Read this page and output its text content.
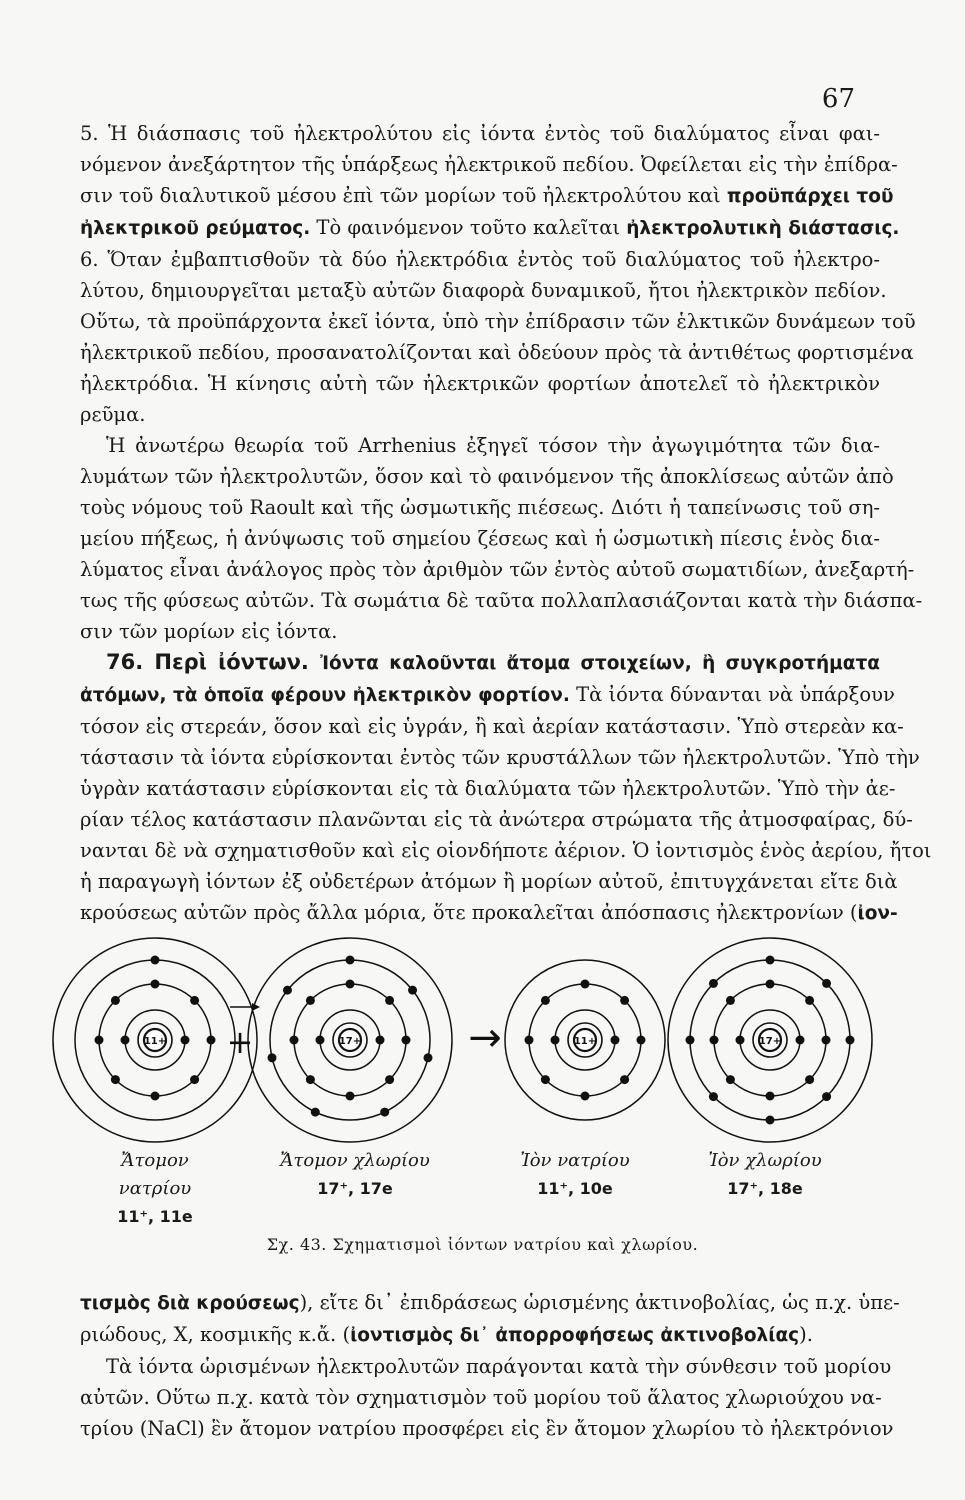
67
5. Ἡ διάσπασις τοῦ ἠλεκτρολύτου εἰς ἰόντα ἐντὸς τοῦ διαλύματος εἶναι φαι-
νόμενον ἀνεξάρτητον τῆς ὑπάρξεως ἠλεκτρικοῦ πεδίου. Ὀφείλεται εἰς τὴν ἐπίδρα-
σιν τοῦ διαλυτικοῦ μέσου ἐπὶ τῶν μορίων τοῦ ἠλεκτρολύτου καὶ προϋπάρχει τοῦ
ἠλεκτρικοῦ ρεύματος. Τὸ φαινόμενον τοῦτο καλεῖται ἠλεκτρολυτικὴ διάστασις.
6. Ὅταν ἐμβαπτισθοῦν τὰ δύο ἠλεκτρόδια ἐντὸς τοῦ διαλύματος τοῦ ἠλεκτρο-
λύτου, δημιουργεῖται μεταξὺ αὐτῶν διαφορὰ δυναμικοῦ, ἤτοι ἠλεκτρικὸν πεδίον.
Οὕτω, τὰ προϋπάρχοντα ἐκεῖ ἰόντα, ὑπὸ τὴν ἐπίδρασιν τῶν ἑλκτικῶν δυνάμεων τοῦ
ἠλεκτρικοῦ πεδίου, προσανατολίζονται καὶ ὁδεύουν πρὸς τὰ ἀντιθέτως φορτισμένα
ἠλεκτρόδια. Ἡ κίνησις αὐτὴ τῶν ἠλεκτρικῶν φορτίων ἀποτελεῖ τὸ ἠλεκτρικὸν
ρεῦμα.
Ἡ ἀνωτέρω θεωρία τοῦ Arrhenius ἐξηγεῖ τόσον τὴν ἀγωγιμότητα τῶν δια-
λυμάτων τῶν ἠλεκτρολυτῶν, ὅσον καὶ τὸ φαινόμενον τῆς ἀποκλίσεως αὐτῶν ἀπὸ
τοὺς νόμους τοῦ Raoult καὶ τῆς ὠσμωτικῆς πιέσεως. Διότι ἡ ταπείνωσις τοῦ ση-
μείου πήξεως, ἡ ἀνύψωσις τοῦ σημείου ζέσεως καὶ ἡ ὠσμωτικὴ πίεσις ἑνὸς δια-
λύματος εἶναι ἀνάλογος πρὸς τὸν ἀριθμὸν τῶν ἐντὸς αὐτοῦ σωματιδίων, ἀνεξαρτή-
τως τῆς φύσεως αὐτῶν. Τὰ σωμάτια δὲ ταῦτα πολλαπλασιάζονται κατὰ τὴν διάσπα-
σιν τῶν μορίων εἰς ἰόντα.
76. Περὶ ἰόντων. Ἰόντα καλοῦνται ἄτομα στοιχείων, ἢ συγκροτήματα
ἀτόμων, τὰ ὁποῖα φέρουν ἠλεκτρικὸν φορτίον. Τὰ ἰόντα δύνανται νὰ ὑπάρξουν
τόσον εἰς στερεάν, ὅσον καὶ εἰς ὑγράν, ἢ καὶ ἀερίαν κατάστασιν. Ὑπὸ στερεὰν κα-
τάστασιν τὰ ἰόντα εὑρίσκονται ἐντὸς τῶν κρυστάλλων τῶν ἠλεκτρολυτῶν. Ὑπὸ τὴν
ὑγρὰν κατάστασιν εὑρίσκονται εἰς τὰ διαλύματα τῶν ἠλεκτρολυτῶν. Ὑπὸ τὴν ἀε-
ρίαν τέλος κατάστασιν πλανῶνται εἰς τὰ ἀνώτερα στρώματα τῆς ἀτμοσφαίρας, δύ-
νανται δὲ νὰ σχηματισθοῦν καὶ εἰς οἱονδήποτε ἀέριον. Ὁ ἰοντισμὸς ἑνὸς ἀερίου, ἤτοι
ἡ παραγωγὴ ἰόντων ἐξ οὐδετέρων ἀτόμων ἢ μορίων αὐτοῦ, ἐπιτυγχάνεται εἴτε διὰ
κρούσεως αὐτῶν πρὸς ἄλλα μόρια, ὅτε προκαλεῖται ἀπόσπασις ἠλεκτρονίων (ἰον-
11+	17+	11+	17+
+	→
Ἄτομον νατρίου
11⁺, 11e
Ἄτομον χλωρίου
17⁺, 17e
Ἰὸν νατρίου
11⁺, 10e
Ἰὸν χλωρίου
17⁺, 18e
Σχ. 43. Σχηματισμοὶ ἰόντων νατρίου καὶ χλωρίου.
τισμὸς διὰ κρούσεως), εἴτε δι᾽ ἐπιδράσεως ὡρισμένης ἀκτινοβολίας, ὡς π.χ. ὑπε-
ριώδους, X, κοσμικῆς κ.ἄ. (ἰοντισμὸς δι᾽ ἀπορροφήσεως ἀκτινοβολίας).
Τὰ ἰόντα ὡρισμένων ἠλεκτρολυτῶν παράγονται κατὰ τὴν σύνθεσιν τοῦ μορίου
αὐτῶν. Οὕτω π.χ. κατὰ τὸν σχηματισμὸν τοῦ μορίου τοῦ ἅλατος χλωριούχου να-
τρίου (NaCl) ἓν ἄτομον νατρίου προσφέρει εἰς ἓν ἄτομον χλωρίου τὸ ἠλεκτρόνιον
